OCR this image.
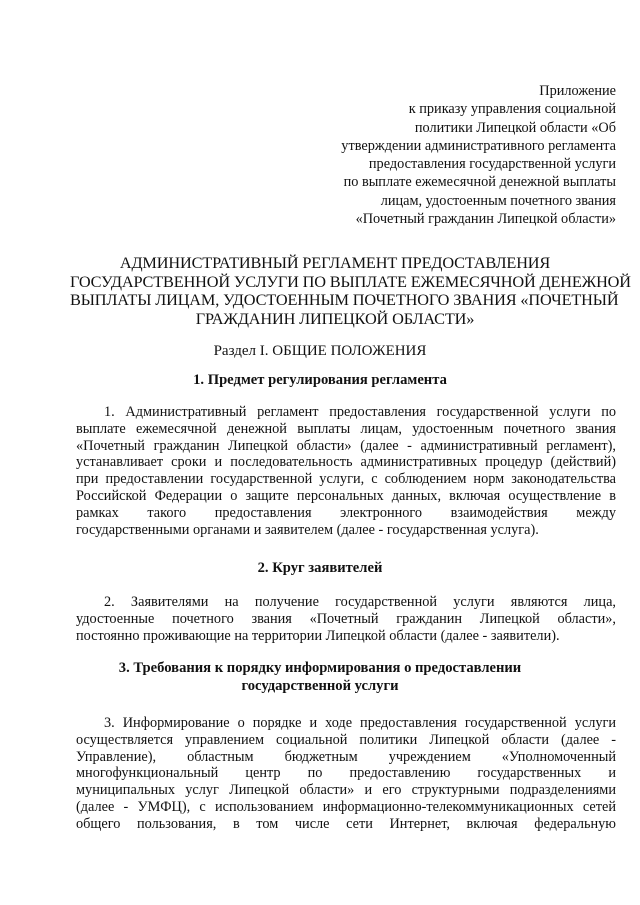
Приложение
к приказу управления социальной
политики Липецкой области «Об
утверждении административного регламента
предоставления государственной услуги
по выплате ежемесячной денежной выплаты
лицам, удостоенным почетного звания
«Почетный гражданин Липецкой области»
АДМИНИСТРАТИВНЫЙ РЕГЛАМЕНТ ПРЕДОСТАВЛЕНИЯ
ГОСУДАРСТВЕННОЙ УСЛУГИ ПО ВЫПЛАТЕ ЕЖЕМЕСЯЧНОЙ ДЕНЕЖНОЙ
ВЫПЛАТЫ ЛИЦАМ, УДОСТОЕННЫМ ПОЧЕТНОГО ЗВАНИЯ «ПОЧЕТНЫЙ
ГРАЖДАНИН ЛИПЕЦКОЙ ОБЛАСТИ»
Раздел I. ОБЩИЕ ПОЛОЖЕНИЯ
1. Предмет регулирования регламента
1. Административный регламент предоставления государственной услуги по
выплате ежемесячной денежной выплаты лицам, удостоенным почетного звания
«Почетный гражданин Липецкой области» (далее - административный регламент),
устанавливает сроки и последовательность административных процедур (действий)
при предоставлении государственной услуги, с соблюдением норм законодательства
Российской Федерации о защите персональных данных, включая осуществление в
рамках такого предоставления электронного взаимодействия между
государственными органами и заявителем (далее - государственная услуга).
2. Круг заявителей
2. Заявителями на получение государственной услуги являются лица,
удостоенные почетного звания «Почетный гражданин Липецкой области»,
постоянно проживающие на территории Липецкой области (далее - заявители).
3. Требования к порядку информирования о предоставлении
государственной услуги
3. Информирование о порядке и ходе предоставления государственной услуги
осуществляется управлением социальной политики Липецкой области (далее -
Управление), областным бюджетным учреждением «Уполномоченный
многофункциональный центр по предоставлению государственных и
муниципальных услуг Липецкой области» и его структурными подразделениями
(далее - УМФЦ), с использованием информационно-телекоммуникационных сетей
общего пользования, в том числе сети Интернет, включая федеральную
